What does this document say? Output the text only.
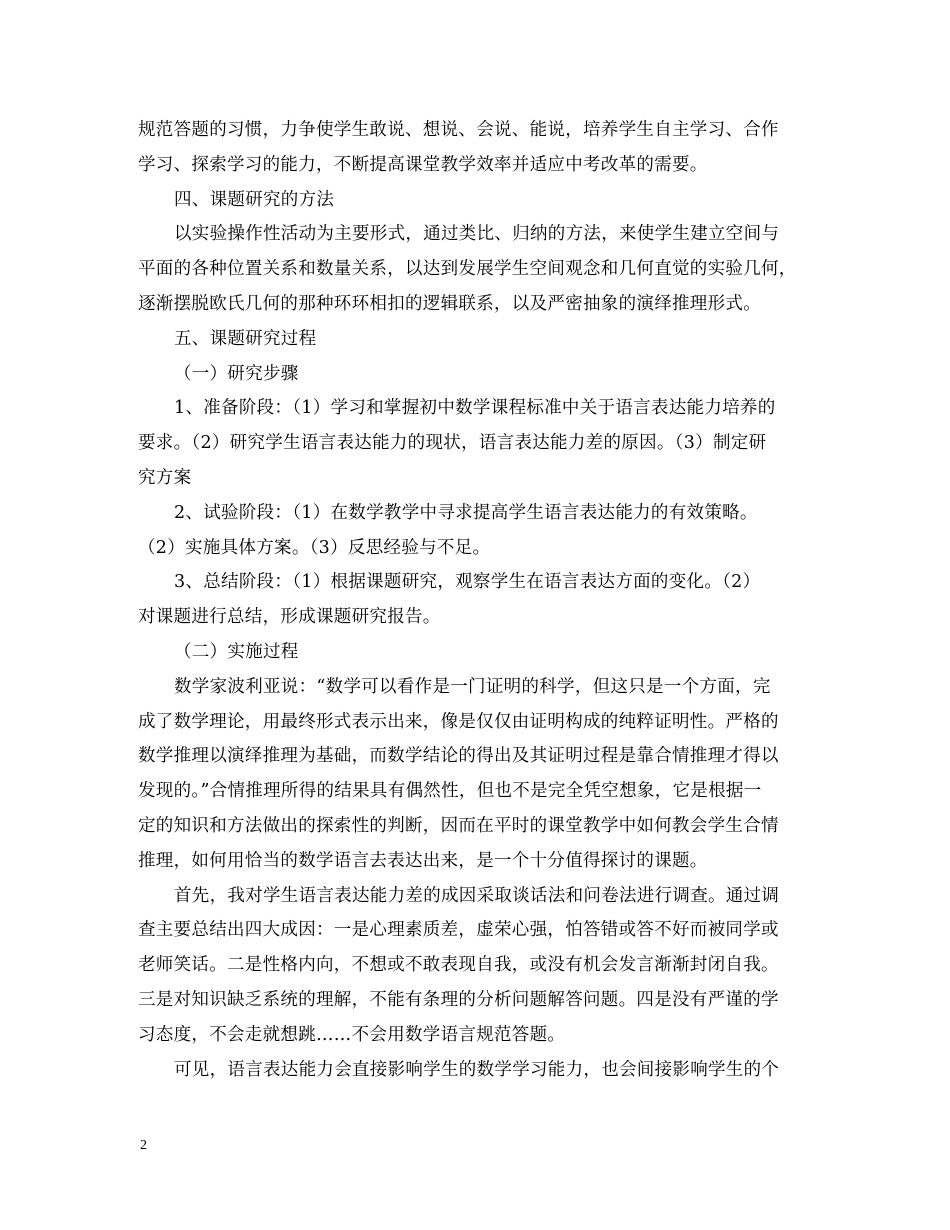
规范答题的习惯，力争使学生敢说、想说、会说、能说，培养学生自主学习、合作
学习、探索学习的能力，不断提高课堂教学效率并适应中考改革的需要。
四、课题研究的方法
以实验操作性活动为主要形式，通过类比、归纳的方法，来使学生建立空间与
平面的各种位置关系和数量关系，以达到发展学生空间观念和几何直觉的实验几何，
逐渐摆脱欧氏几何的那种环环相扣的逻辑联系，以及严密抽象的演绎推理形式。
五、课题研究过程
（一）研究步骤
1、准备阶段：（1）学习和掌握初中数学课程标准中关于语言表达能力培养的
要求。（2）研究学生语言表达能力的现状，语言表达能力差的原因。（3）制定研
究方案
2、试验阶段：（1）在数学教学中寻求提高学生语言表达能力的有效策略。
（2）实施具体方案。（3）反思经验与不足。
3、总结阶段：（1）根据课题研究，观察学生在语言表达方面的变化。（2）
对课题进行总结，形成课题研究报告。
（二）实施过程
数学家波利亚说：“数学可以看作是一门证明的科学，但这只是一个方面，完
成了数学理论，用最终形式表示出来，像是仅仅由证明构成的纯粹证明性。严格的
数学推理以演绎推理为基础，而数学结论的得出及其证明过程是靠合情推理才得以
发现的。”合情推理所得的结果具有偶然性，但也不是完全凭空想象，它是根据一
定的知识和方法做出的探索性的判断，因而在平时的课堂教学中如何教会学生合情
推理，如何用恰当的数学语言去表达出来，是一个十分值得探讨的课题。
首先，我对学生语言表达能力差的成因采取谈话法和问卷法进行调查。通过调
查主要总结出四大成因：一是心理素质差，虚荣心强，怕答错或答不好而被同学或
老师笑话。二是性格内向，不想或不敢表现自我，或没有机会发言渐渐封闭自我。
三是对知识缺乏系统的理解，不能有条理的分析问题解答问题。四是没有严谨的学
习态度，不会走就想跳……不会用数学语言规范答题。
可见，语言表达能力会直接影响学生的数学学习能力，也会间接影响学生的个

2
